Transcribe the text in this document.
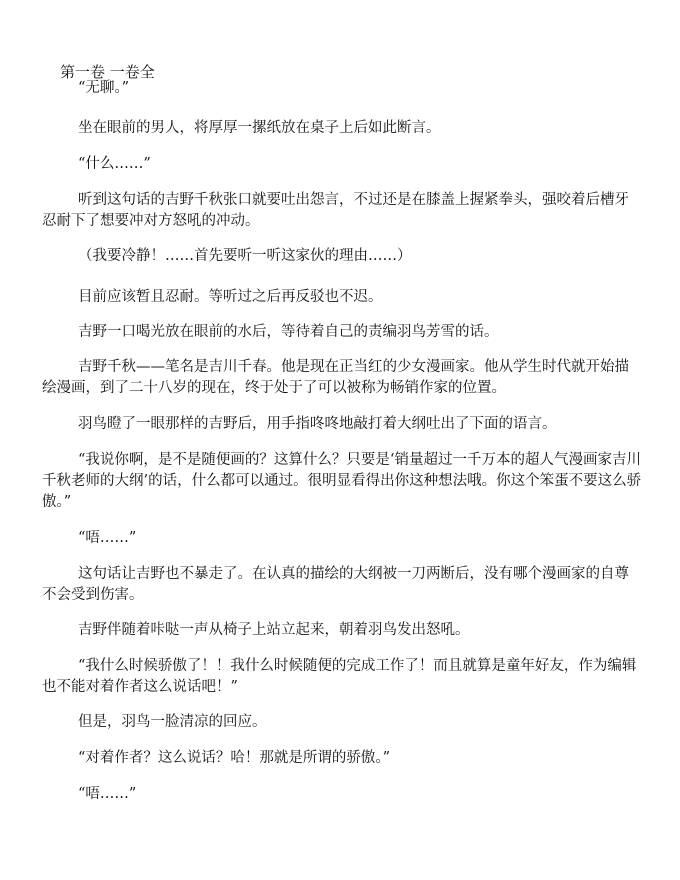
第一卷 一卷全

“无聊。”

坐在眼前的男人，将厚厚一摞纸放在桌子上后如此断言。

“什么……”

听到这句话的吉野千秋张口就要吐出怨言，不过还是在膝盖上握紧拳头，强咬着后槽牙忍耐下了想要冲对方怒吼的冲动。

（我要冷静！……首先要听一听这家伙的理由……）

目前应该暂且忍耐。等听过之后再反驳也不迟。

吉野一口喝光放在眼前的水后，等待着自己的责编羽鸟芳雪的话。

吉野千秋——笔名是吉川千春。他是现在正当红的少女漫画家。他从学生时代就开始描绘漫画，到了二十八岁的现在，终于处于了可以被称为畅销作家的位置。

羽鸟瞪了一眼那样的吉野后，用手指咚咚地敲打着大纲吐出了下面的语言。

“我说你啊，是不是随便画的？这算什么？只要是‘销量超过一千万本的超人气漫画家吉川千秋老师的大纲’的话，什么都可以通过。很明显看得出你这种想法哦。你这个笨蛋不要这么骄傲。”

“唔……”

这句话让吉野也不暴走了。在认真的描绘的大纲被一刀两断后，没有哪个漫画家的自尊不会受到伤害。

吉野伴随着咔哒一声从椅子上站立起来，朝着羽鸟发出怒吼。

“我什么时候骄傲了！！我什么时候随便的完成工作了！而且就算是童年好友，作为编辑也不能对着作者这么说话吧！”

但是，羽鸟一脸清凉的回应。

“对着作者？这么说话？哈！那就是所谓的骄傲。”

“唔……”
